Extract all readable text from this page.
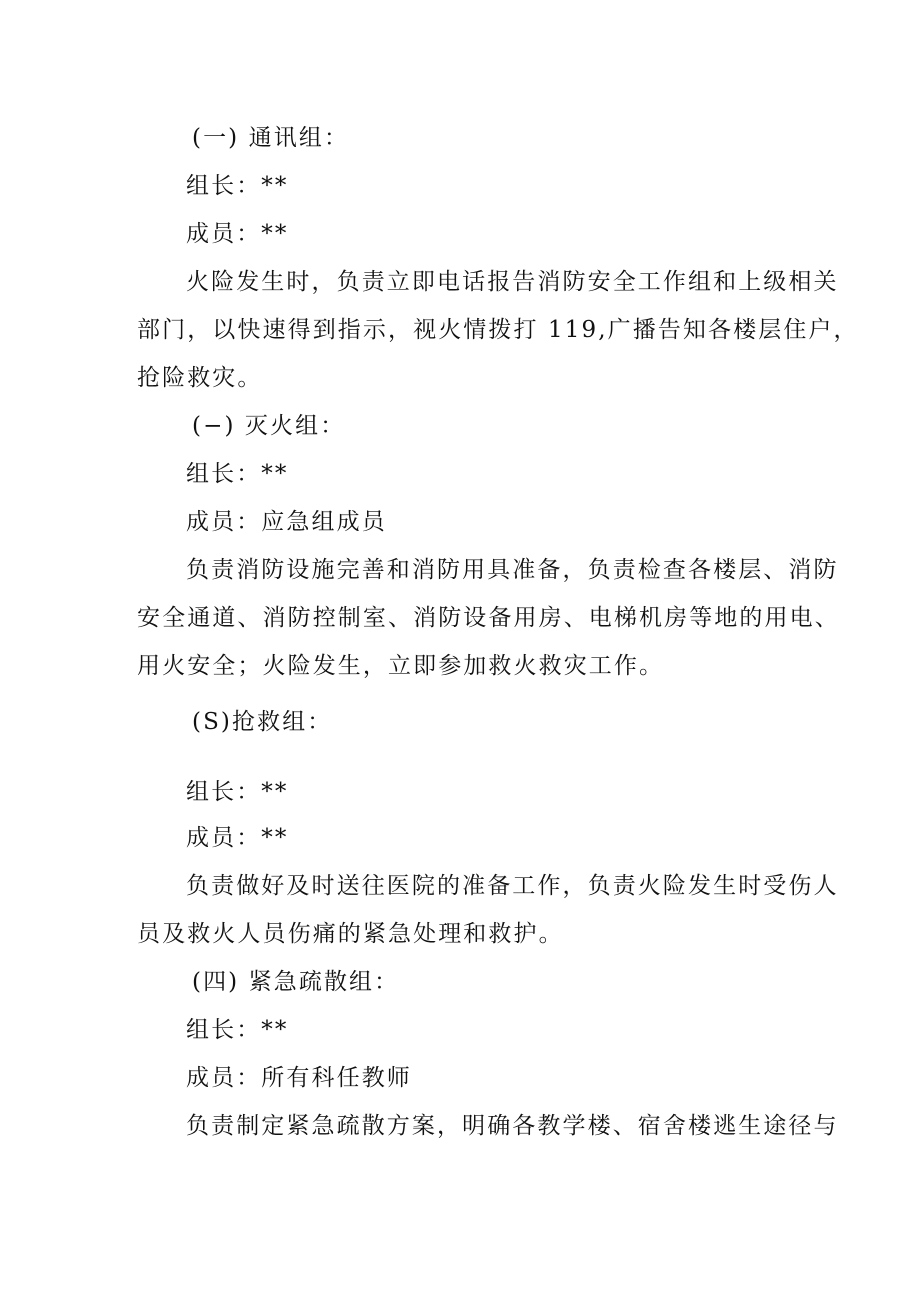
(一) 通讯组：
组长：**
成员：**
火险发生时，负责立即电话报告消防安全工作组和上级相关
部门，以快速得到指示，视火情拨打 119,广播告知各楼层住户，
抢险救灾。
(−) 灭火组：
组长：**
成员：应急组成员
负责消防设施完善和消防用具准备，负责检查各楼层、消防
安全通道、消防控制室、消防设备用房、电梯机房等地的用电、
用火安全；火险发生，立即参加救火救灾工作。
(S)抢救组：
组长：**
成员：**
负责做好及时送往医院的准备工作，负责火险发生时受伤人
员及救火人员伤痛的紧急处理和救护。
(四) 紧急疏散组：
组长：**
成员：所有科任教师
负责制定紧急疏散方案，明确各教学楼、宿舍楼逃生途径与
